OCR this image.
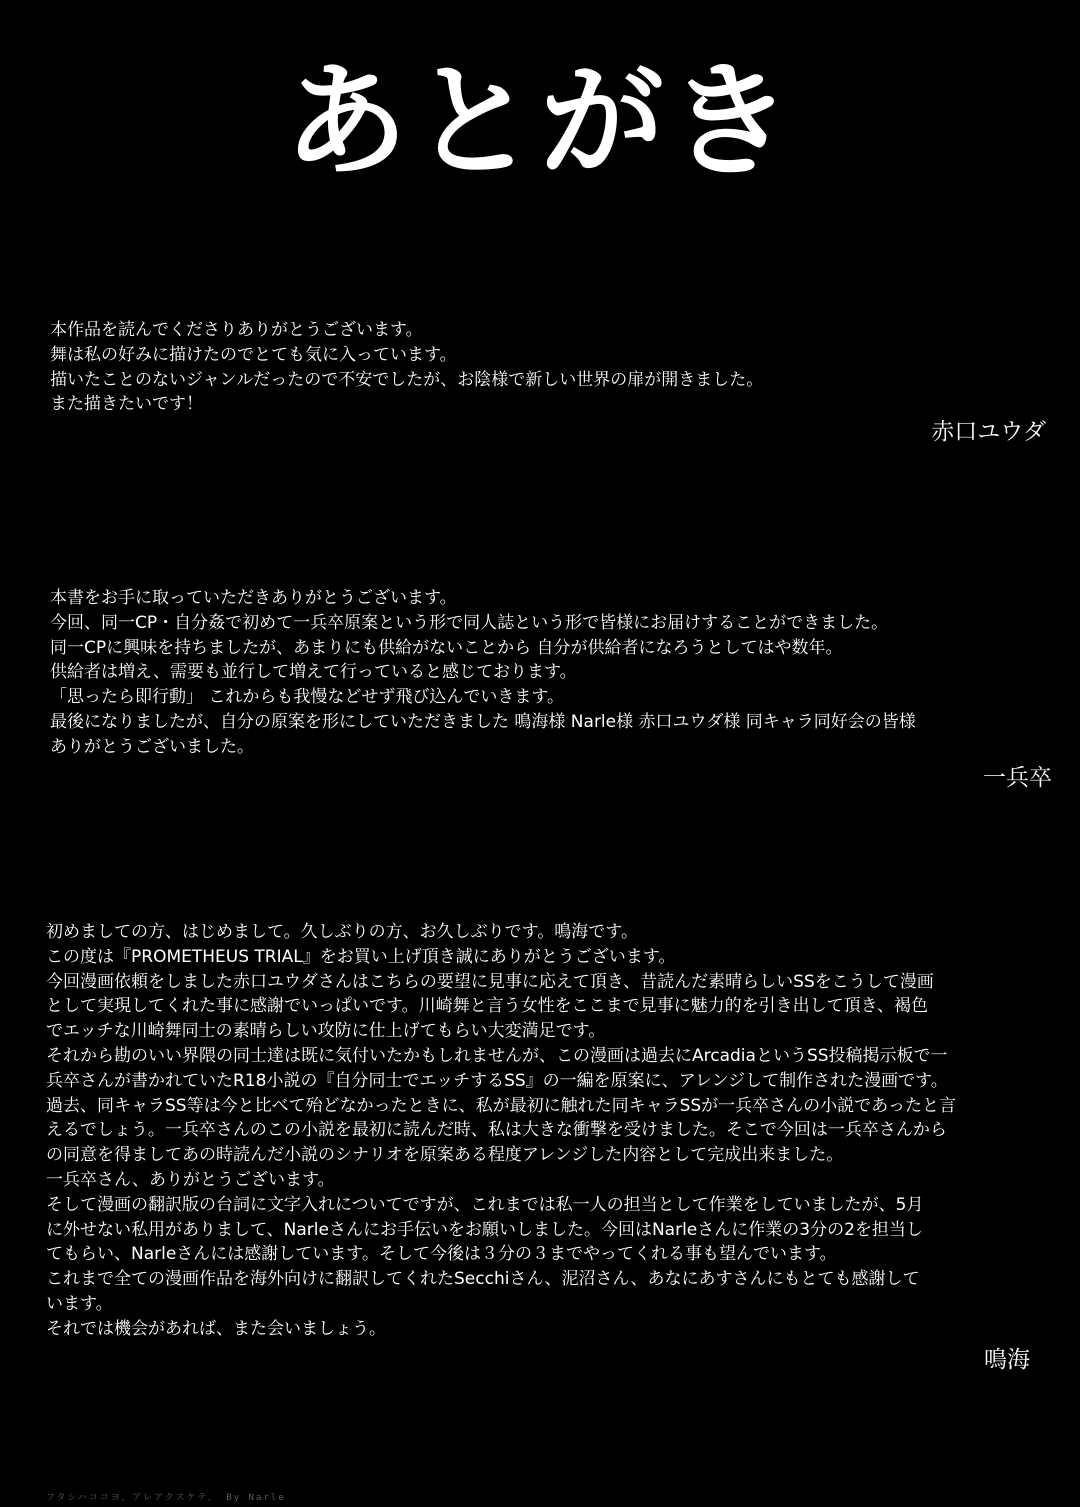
あとがき

本作品を読んでくださりありがとうございます。

舞は私の好みに描けたのでとても気に入っています。

描いたことのないジャンルだったので不安でしたが、お陰様で新しい世界の扉が開きました。

また描きたいです！

赤口ユウダ

本書をお手に取っていただきありがとうございます。

今回、同一CP・自分姦で初めて一兵卒原案という形で同人誌という形で皆様にお届けすることができました。

同一CPに興味を持ちましたが、あまりにも供給がないことから 自分が供給者になろうとしてはや数年。

供給者は増え、需要も並行して増えて行っていると感じております。

「思ったら即行動」 これからも我慢などせず飛び込んでいきます。

最後になりましたが、自分の原案を形にしていただきました 鳴海様 Narle様 赤口ユウダ様 同キャラ同好会の皆様

ありがとうございました。

一兵卒

初めましての方、はじめまして。久しぶりの方、お久しぶりです。鳴海です。

この度は『PROMETHEUS TRIAL』をお買い上げ頂き誠にありがとうございます。

今回漫画依頼をしました赤口ユウダさんはこちらの要望に見事に応えて頂き、昔読んだ素晴らしいSSをこうして漫画

として実現してくれた事に感謝でいっぱいです。川崎舞と言う女性をここまで見事に魅力的を引き出して頂き、褐色

でエッチな川崎舞同士の素晴らしい攻防に仕上げてもらい大変満足です。

それから勘のいい界隈の同士達は既に気付いたかもしれませんが、この漫画は過去にArcadiaというSS投稿掲示板で一

兵卒さんが書かれていたR18小説の『自分同士でエッチするSS』の一編を原案に、アレンジして制作された漫画です。

過去、同キャラSS等は今と比べて殆どなかったときに、私が最初に触れた同キャラSSが一兵卒さんの小説であったと言

えるでしょう。一兵卒さんのこの小説を最初に読んだ時、私は大きな衝撃を受けました。そこで今回は一兵卒さんから

の同意を得ましてあの時読んだ小説のシナリオを原案ある程度アレンジした内容として完成出来ました。

一兵卒さん、ありがとうございます。

そして漫画の翻訳版の台詞に文字入れについてですが、これまでは私一人の担当として作業をしていましたが、5月

に外せない私用がありまして、Narleさんにお手伝いをお願いしました。今回はNarleさんに作業の3分の2を担当し

てもらい、Narleさんには感謝しています。そして今後は３分の３までやってくれる事も望んでいます。

これまで全ての漫画作品を海外向けに翻訳してくれたSecchiさん、泥沼さん、あなにあすさんにもとても感謝して

います。

それでは機会があれば、また会いましょう。

鳴海
フタシハココヨ、アレアクスケテ。 By Narle
